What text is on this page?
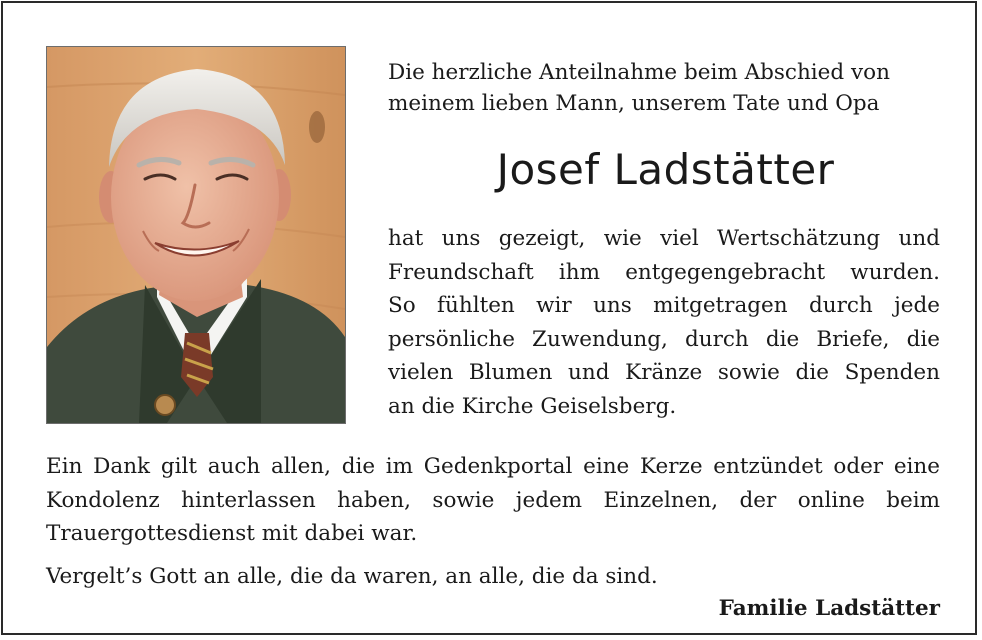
Die herzliche Anteilnahme beim Abschied von
meinem lieben Mann, unserem Tate und Opa
Josef Ladstätter
hat uns gezeigt, wie viel Wertschätzung und
Freundschaft ihm entgegengebracht wurden.
So fühlten wir uns mitgetragen durch jede
persönliche Zuwendung, durch die Briefe, die
vielen Blumen und Kränze sowie die Spenden
an die Kirche Geiselsberg.
Ein Dank gilt auch allen, die im Gedenkportal eine Kerze entzündet oder eine
Kondolenz hinterlassen haben, sowie jedem Einzelnen, der online beim
Trauergottesdienst mit dabei war.
Vergelt’s Gott an alle, die da waren, an alle, die da sind.
Familie Ladstätter
